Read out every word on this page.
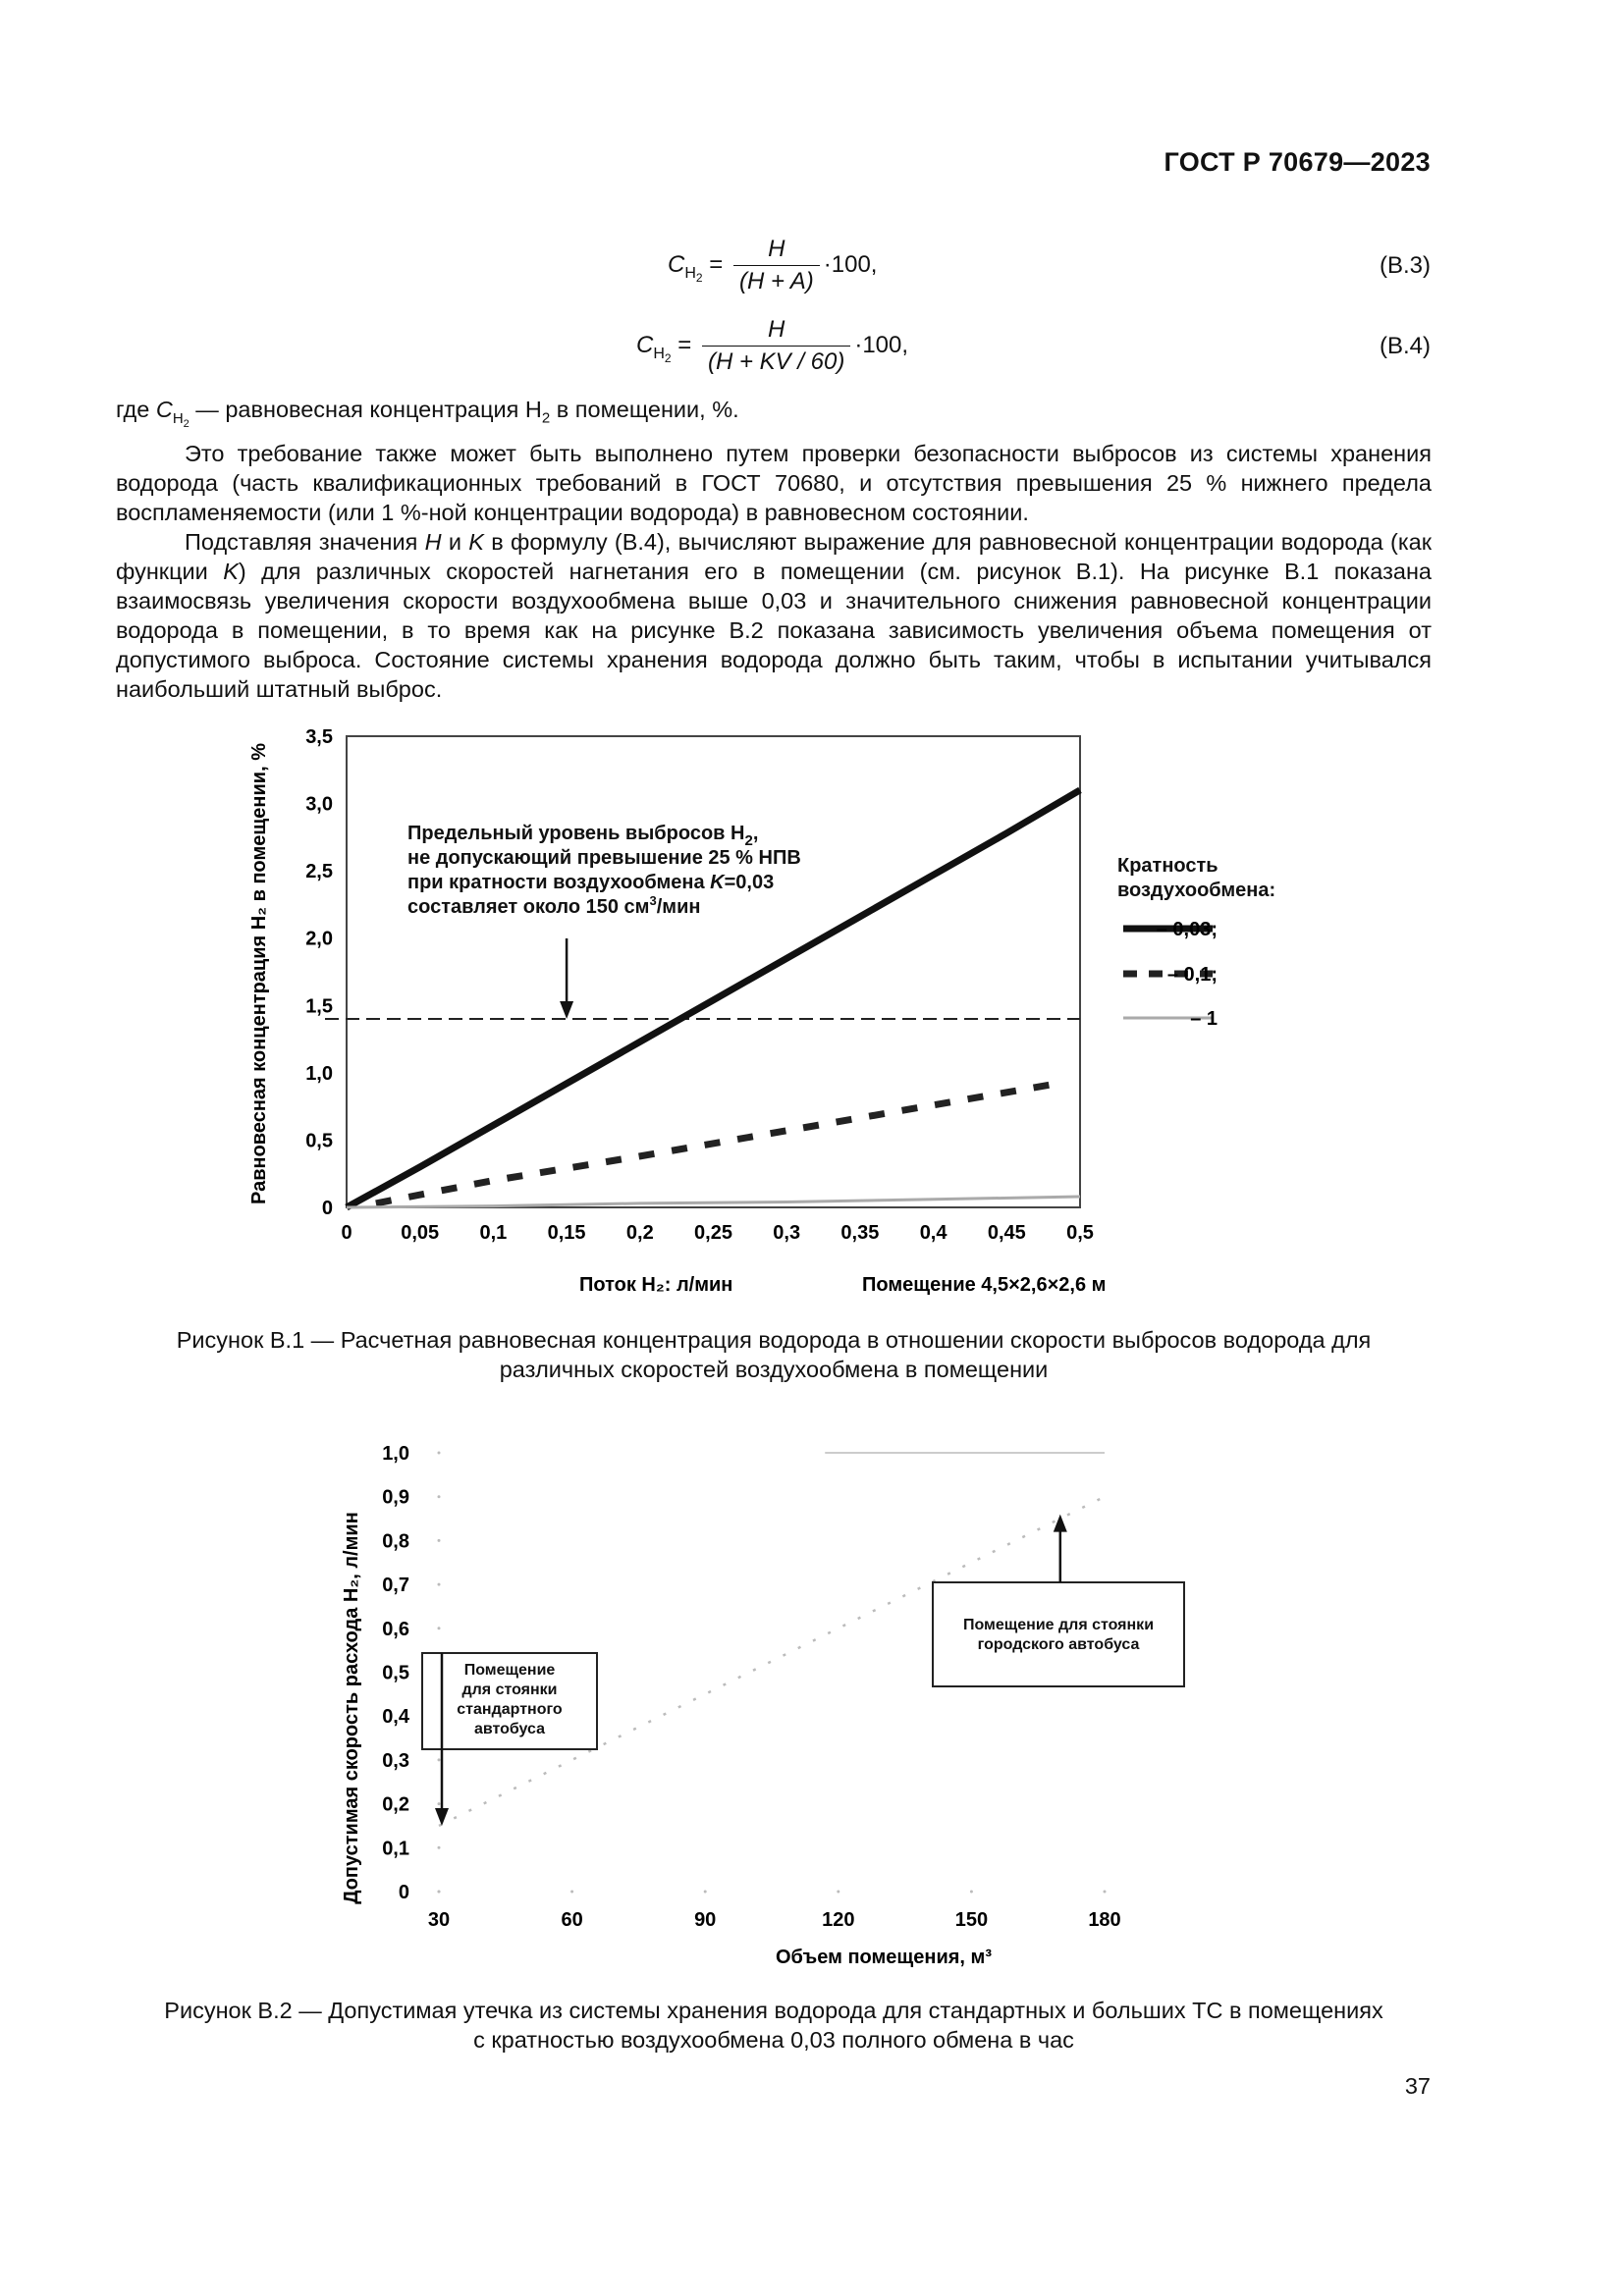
ГОСТ Р 70679—2023
$C_{H_2} = \frac{H}{(H + A)} \cdot 100$,	(В.3)
$C_{H_2} = \frac{H}{(H + KV / 60)} \cdot 100$,	(В.4)

где $C_{H_2}$ — равновесная концентрация $H_2$ в помещении, %.

Это требование также может быть выполнено путем проверки безопасности выбросов из системы хранения водорода (часть квалификационных требований в ГОСТ 70680, и отсутствия превышения 25 % нижнего предела воспламеняемости (или 1 %-ной концентрации водорода) в равновесном состоянии.

Подставляя значения H и K в формулу (В.4), вычисляют выражение для равновесной концентрации водорода (как функции K) для различных скоростей нагнетания его в помещении (см. рисунок В.1). На рисунке В.1 показана взаимосвязь увеличения скорости воздухообмена выше 0,03 и значительного снижения равновесной концентрации водорода в помещении, в то время как на рисунке В.2 показана зависимость увеличения объема помещения от допустимого выброса. Состояние системы хранения водорода должно быть таким, чтобы в испытании учитывался наибольший штатный выброс.

0
0,5
1,0
1,5
2,0
2,5
3,0
3,5
0 0,05 0,1 0,15 0,2 0,25 0,3 0,35 0,4 0,45 0,5
Предельный уровень выбросов $H_2$,
не допускающий превышение 25 % НПВ
при кратности воздухообмена K=0,03
составляет около 150 $см^3$/мин
Равновесная концентрация H₂ в помещении, %
Поток H₂: л/мин	Помещение 4,5×2,6×2,6 м
Кратность
воздухообмена:
– 0,03;
– 0,1;
– 1
Рисунок В.1 — Расчетная равновесная концентрация водорода в отношении скорости выбросов водорода для
различных скоростей воздухообмена в помещении
0
0,1
0,2
0,3
0,4
0,5
0,6
0,7
0,8
0,9
1,0
30	60	90	120	150	180
Допустимая скорость расхода H₂, л/мин
Объем помещения, м³
Помещение
для стоянки
стандартного
автобуса
Помещение для стоянки
городского автобуса
Рисунок В.2 — Допустимая утечка из системы хранения водорода для стандартных и больших ТС в помещениях
с кратностью воздухообмена 0,03 полного обмена в час
37
